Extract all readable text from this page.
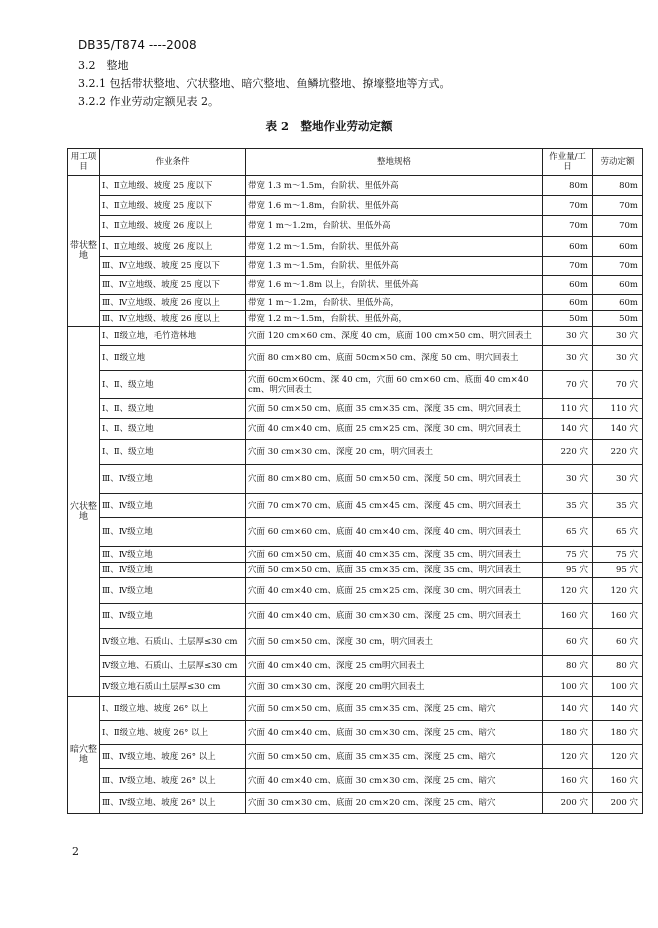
DB35/T874 ----2008
3.2　整地
3.2.1 包括带状整地、穴状整地、暗穴整地、鱼鳞坑整地、撩壕整地等方式。
3.2.2 作业劳动定额见表 2。
表 2　整地作业劳动定额
用工项目	作业条件	整地规格	作业量/工日	劳动定额
带状整地	Ⅰ、Ⅱ立地级、坡度 25 度以下	带宽 1.3 m～1.5m，台阶状、里低外高	80m	80m
	Ⅰ、Ⅱ立地级、坡度 25 度以下	带宽 1.6 m～1.8m，台阶状、里低外高	70m	70m
	Ⅰ、Ⅱ立地级、坡度 26 度以上	带宽 1 m～1.2m，台阶状、里低外高	70m	70m
	Ⅰ、Ⅱ立地级、坡度 26 度以上	带宽 1.2 m～1.5m，台阶状、里低外高	60m	60m
	Ⅲ、Ⅳ立地级、坡度 25 度以下	带宽 1.3 m～1.5m，台阶状、里低外高	70m	70m
	Ⅲ、Ⅳ立地级、坡度 25 度以下	带宽 1.6 m～1.8m 以上，台阶状、里低外高	60m	60m
	Ⅲ、Ⅳ立地级、坡度 26 度以上	带宽 1 m～1.2m，台阶状、里低外高，	60m	60m
	Ⅲ、Ⅳ立地级、坡度 26 度以上	带宽 1.2 m～1.5m，台阶状、里低外高，	50m	50m
穴状整地	Ⅰ、Ⅱ级立地，毛竹造林地	穴面 120 cm×60 cm、深度 40 cm，底面 100 cm×50 cm、明穴回表土	30 穴	30 穴
	Ⅰ、Ⅱ级立地	穴面 80 cm×80 cm、底面 50cm×50 cm、深度 50 cm、明穴回表土	30 穴	30 穴
	Ⅰ、Ⅱ、级立地	穴面 60cm×60cm、深 40 cm，穴面 60 cm×60 cm、底面 40 cm×40 cm、明穴回表土	70 穴	70 穴
	Ⅰ、Ⅱ、级立地	穴面 50 cm×50 cm、底面 35 cm×35 cm、深度 35 cm、明穴回表土	110 穴	110 穴
	Ⅰ、Ⅱ、级立地	穴面 40 cm×40 cm、底面 25 cm×25 cm、深度 30 cm、明穴回表土	140 穴	140 穴
	Ⅰ、Ⅱ、级立地	穴面 30 cm×30 cm、深度 20 cm，明穴回表土	220 穴	220 穴
	Ⅲ、Ⅳ级立地	穴面 80 cm×80 cm、底面 50 cm×50 cm、深度 50 cm、明穴回表土	30 穴	30 穴
	Ⅲ、Ⅳ级立地	穴面 70 cm×70 cm、底面 45 cm×45 cm、深度 45 cm、明穴回表土	35 穴	35 穴
	Ⅲ、Ⅳ级立地	穴面 60 cm×60 cm、底面 40 cm×40 cm、深度 40 cm、明穴回表土	65 穴	65 穴
	Ⅲ、Ⅳ级立地	穴面 60 cm×50 cm、底面 40 cm×35 cm、深度 35 cm、明穴回表土	75 穴	75 穴
	Ⅲ、Ⅳ级立地	穴面 50 cm×50 cm、底面 35 cm×35 cm、深度 35 cm、明穴回表土	95 穴	95 穴
	Ⅲ、Ⅳ级立地	穴面 40 cm×40 cm、底面 25 cm×25 cm、深度 30 cm、明穴回表土	120 穴	120 穴
	Ⅲ、Ⅳ级立地	穴面 40 cm×40 cm、底面 30 cm×30 cm、深度 25 cm、明穴回表土	160 穴	160 穴
	Ⅳ级立地、石质山、土层厚≤30 cm	穴面 50 cm×50 cm、深度 30 cm，明穴回表土	60 穴	60 穴
	Ⅳ级立地、石质山、土层厚≤30 cm	穴面 40 cm×40 cm、深度 25 cm明穴回表土	80 穴	80 穴
	Ⅳ级立地石质山土层厚≤30 cm	穴面 30 cm×30 cm、深度 20 cm明穴回表土	100 穴	100 穴
暗穴整地	Ⅰ、Ⅱ级立地、坡度 26° 以上	穴面 50 cm×50 cm、底面 35 cm×35 cm、深度 25 cm、暗穴	140 穴	140 穴
	Ⅰ、Ⅱ级立地、坡度 26° 以上	穴面 40 cm×40 cm、底面 30 cm×30 cm、深度 25 cm、暗穴	180 穴	180 穴
	Ⅲ、Ⅳ级立地、坡度 26° 以上	穴面 50 cm×50 cm、底面 35 cm×35 cm、深度 25 cm、暗穴	120 穴	120 穴
	Ⅲ、Ⅳ级立地、坡度 26° 以上	穴面 40 cm×40 cm、底面 30 cm×30 cm、深度 25 cm、暗穴	160 穴	160 穴
	Ⅲ、Ⅳ级立地、坡度 26° 以上	穴面 30 cm×30 cm、底面 20 cm×20 cm、深度 25 cm、暗穴	200 穴	200 穴
2
